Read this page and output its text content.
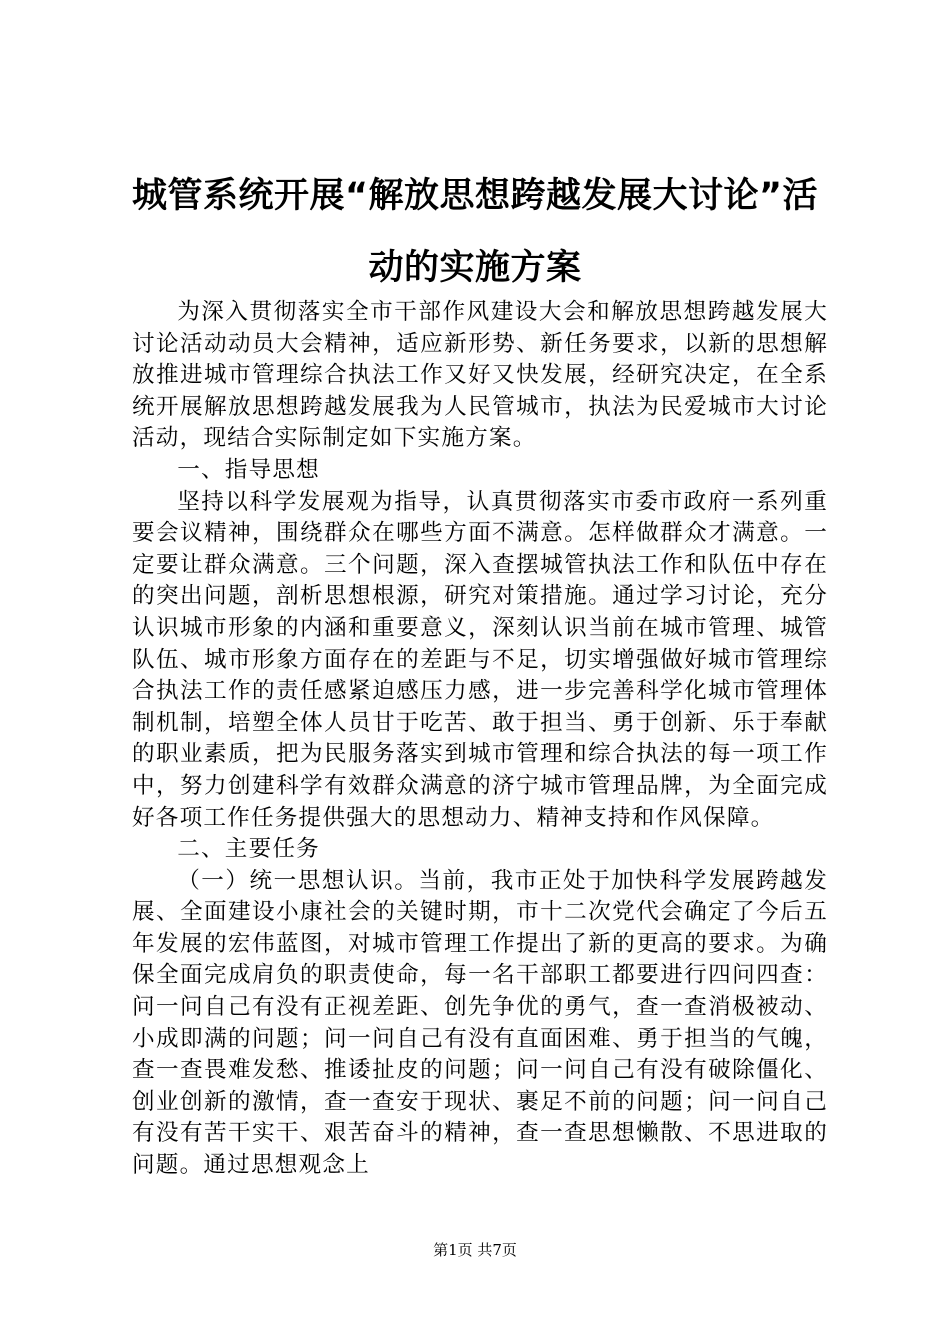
城管系统开展“解放思想跨越发展大讨论”活动的实施方案

为深入贯彻落实全市干部作风建设大会和解放思想跨越发展大讨论活动动员大会精神，适应新形势、新任务要求，以新的思想解放推进城市管理综合执法工作又好又快发展，经研究决定，在全系统开展解放思想跨越发展我为人民管城市，执法为民爱城市大讨论活动，现结合实际制定如下实施方案。

一、指导思想

坚持以科学发展观为指导，认真贯彻落实市委市政府一系列重要会议精神，围绕群众在哪些方面不满意。怎样做群众才满意。一定要让群众满意。三个问题，深入查摆城管执法工作和队伍中存在的突出问题，剖析思想根源，研究对策措施。通过学习讨论，充分认识城市形象的内涵和重要意义，深刻认识当前在城市管理、城管队伍、城市形象方面存在的差距与不足，切实增强做好城市管理综合执法工作的责任感紧迫感压力感，进一步完善科学化城市管理体制机制，培塑全体人员甘于吃苦、敢于担当、勇于创新、乐于奉献的职业素质，把为民服务落实到城市管理和综合执法的每一项工作中，努力创建科学有效群众满意的济宁城市管理品牌，为全面完成好各项工作任务提供强大的思想动力、精神支持和作风保障。

二、主要任务

（一）统一思想认识。当前，我市正处于加快科学发展跨越发展、全面建设小康社会的关键时期，市十二次党代会确定了今后五年发展的宏伟蓝图，对城市管理工作提出了新的更高的要求。为确保全面完成肩负的职责使命，每一名干部职工都要进行四问四查：问一问自己有没有正视差距、创先争优的勇气，查一查消极被动、小成即满的问题；问一问自己有没有直面困难、勇于担当的气魄，查一查畏难发愁、推诿扯皮的问题；问一问自己有没有破除僵化、创业创新的激情，查一查安于现状、裹足不前的问题；问一问自己有没有苦干实干、艰苦奋斗的精神，查一查思想懒散、不思进取的问题。通过思想观念上

第1页 共7页
